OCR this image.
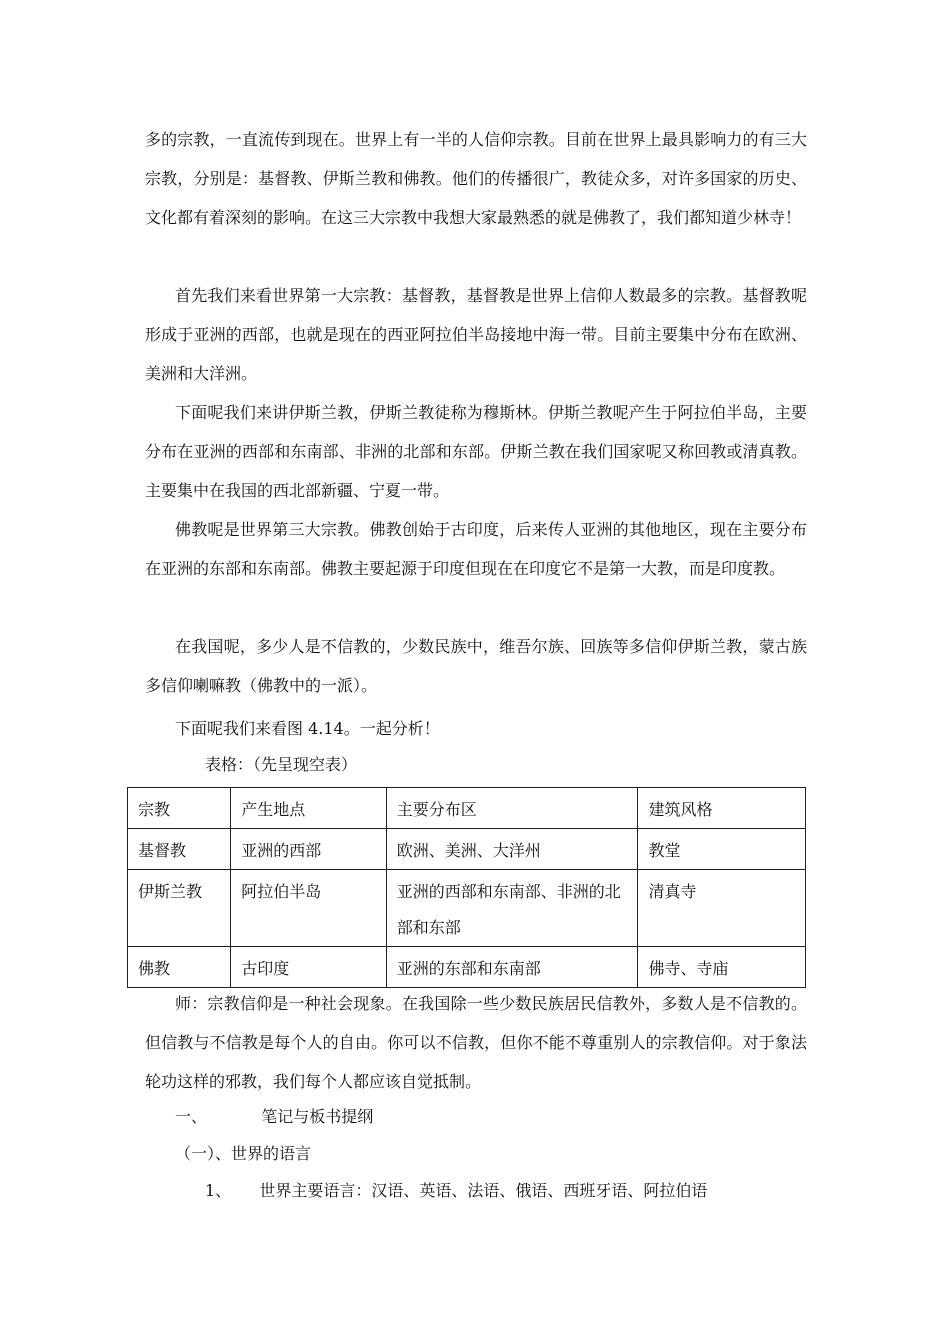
多的宗教，一直流传到现在。世界上有一半的人信仰宗教。目前在世界上最具影响力的有三大宗教，分别是：基督教、伊斯兰教和佛教。他们的传播很广，教徒众多，对许多国家的历史、文化都有着深刻的影响。在这三大宗教中我想大家最熟悉的就是佛教了，我们都知道少林寺！

首先我们来看世界第一大宗教：基督教，基督教是世界上信仰人数最多的宗教。基督教呢形成于亚洲的西部，也就是现在的西亚阿拉伯半岛接地中海一带。目前主要集中分布在欧洲、美洲和大洋洲。

下面呢我们来讲伊斯兰教，伊斯兰教徒称为穆斯林。伊斯兰教呢产生于阿拉伯半岛，主要分布在亚洲的西部和东南部、非洲的北部和东部。伊斯兰教在我们国家呢又称回教或清真教。主要集中在我国的西北部新疆、宁夏一带。

佛教呢是世界第三大宗教。佛教创始于古印度，后来传人亚洲的其他地区，现在主要分布在亚洲的东部和东南部。佛教主要起源于印度但现在在印度它不是第一大教，而是印度教。

在我国呢，多少人是不信教的，少数民族中，维吾尔族、回族等多信仰伊斯兰教，蒙古族多信仰喇嘛教（佛教中的一派）。

下面呢我们来看图 4.14。一起分析！

表格：（先呈现空表）

宗教	产生地点	主要分布区	建筑风格
基督教	亚洲的西部	欧洲、美洲、大洋州	教堂
伊斯兰教	阿拉伯半岛	亚洲的西部和东南部、非洲的北部和东部	清真寺
佛教	古印度	亚洲的东部和东南部	佛寺、寺庙

师：宗教信仰是一种社会现象。在我国除一些少数民族居民信教外，多数人是不信教的。但信教与不信教是每个人的自由。你可以不信教，但你不能不尊重别人的宗教信仰。对于象法轮功这样的邪教，我们每个人都应该自觉抵制。

一、	笔记与板书提纲

（一）、世界的语言

1、 世界主要语言：汉语、英语、法语、俄语、西班牙语、阿拉伯语
